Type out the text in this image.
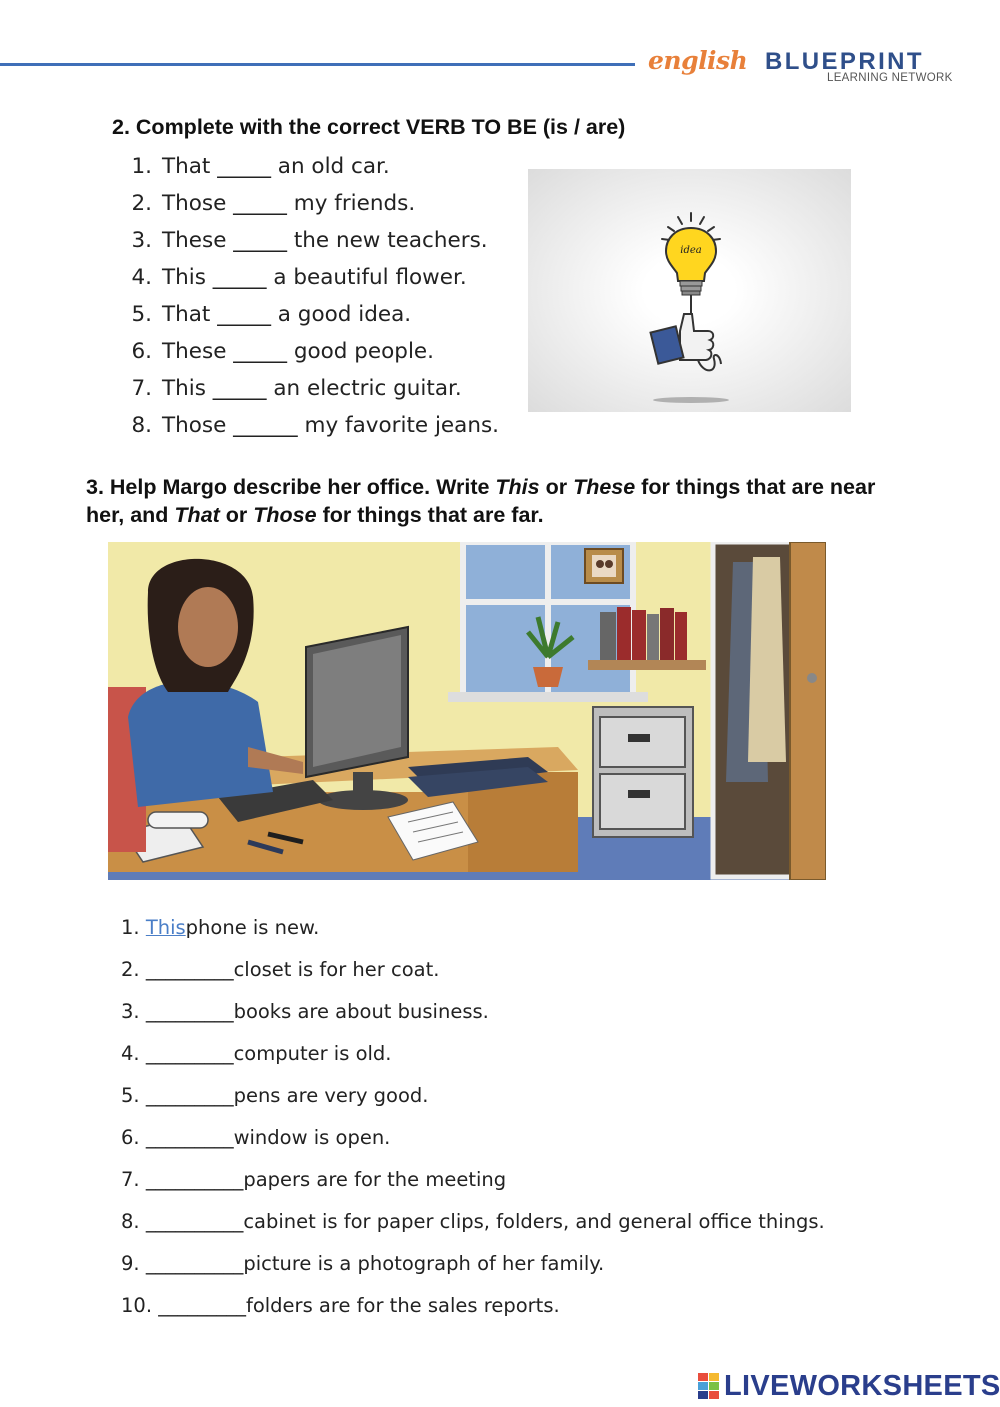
english BLUEPRINT
LEARNING NETWORK
2. Complete with the correct VERB TO BE (is / are)
1. That _____ an old car.
2. Those _____ my friends.
3. These _____ the new teachers.
4. This _____ a beautiful flower.
5. That _____ a good idea.
6. These _____ good people.
7. This _____ an electric guitar.
8. Those ______ my favorite jeans.
idea
3. Help Margo describe her office. Write This or These for things that are near her, and That or Those for things that are far.
1.
This phone is new.
2.
_________ closet is for her coat.
3.
_________ books are about business.
4.
_________ computer is old.
5.
_________ pens are very good.
6.
_________ window is open.
7.
__________ papers are for the meeting
8.
__________ cabinet is for paper clips, folders, and general office things.
9.
__________ picture is a photograph of her family.
10.
_________ folders are for the sales reports.
LIVEWORKSHEETS
